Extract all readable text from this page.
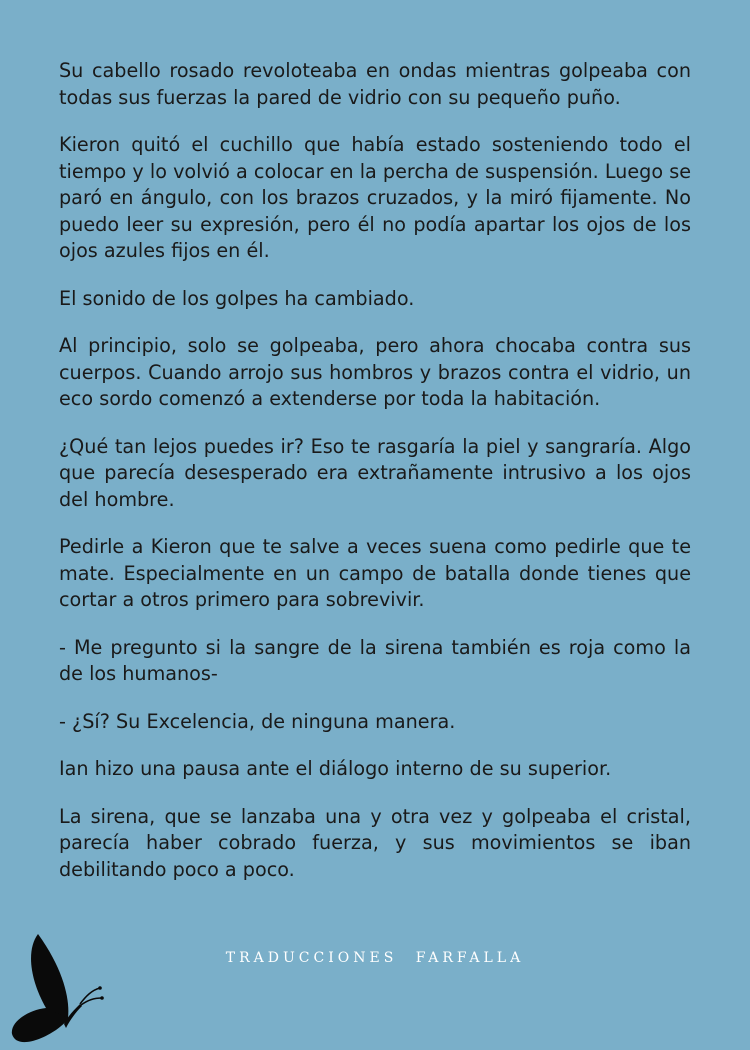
Su cabello rosado revoloteaba en ondas mientras golpeaba con todas sus fuerzas la pared de vidrio con su pequeño puño.

Kieron quitó el cuchillo que había estado sosteniendo todo el tiempo y lo volvió a colocar en la percha de suspensión. Luego se paró en ángulo, con los brazos cruzados, y la miró fijamente. No puedo leer su expresión, pero él no podía apartar los ojos de los ojos azules fijos en él.

El sonido de los golpes ha cambiado.

Al principio, solo se golpeaba, pero ahora chocaba contra sus cuerpos. Cuando arrojo sus hombros y brazos contra el vidrio, un eco sordo comenzó a extenderse por toda la habitación.

¿Qué tan lejos puedes ir? Eso te rasgaría la piel y sangraría. Algo que parecía desesperado era extrañamente intrusivo a los ojos del hombre.

Pedirle a Kieron que te salve a veces suena como pedirle que te mate. Especialmente en un campo de batalla donde tienes que cortar a otros primero para sobrevivir.

- Me pregunto si la sangre de la sirena también es roja como la de los humanos-

- ¿Sí? Su Excelencia, de ninguna manera.

Ian hizo una pausa ante el diálogo interno de su superior.

La sirena, que se lanzaba una y otra vez y golpeaba el cristal, parecía haber cobrado fuerza, y sus movimientos se iban debilitando poco a poco.

TRADUCCIONES FARFALLA
